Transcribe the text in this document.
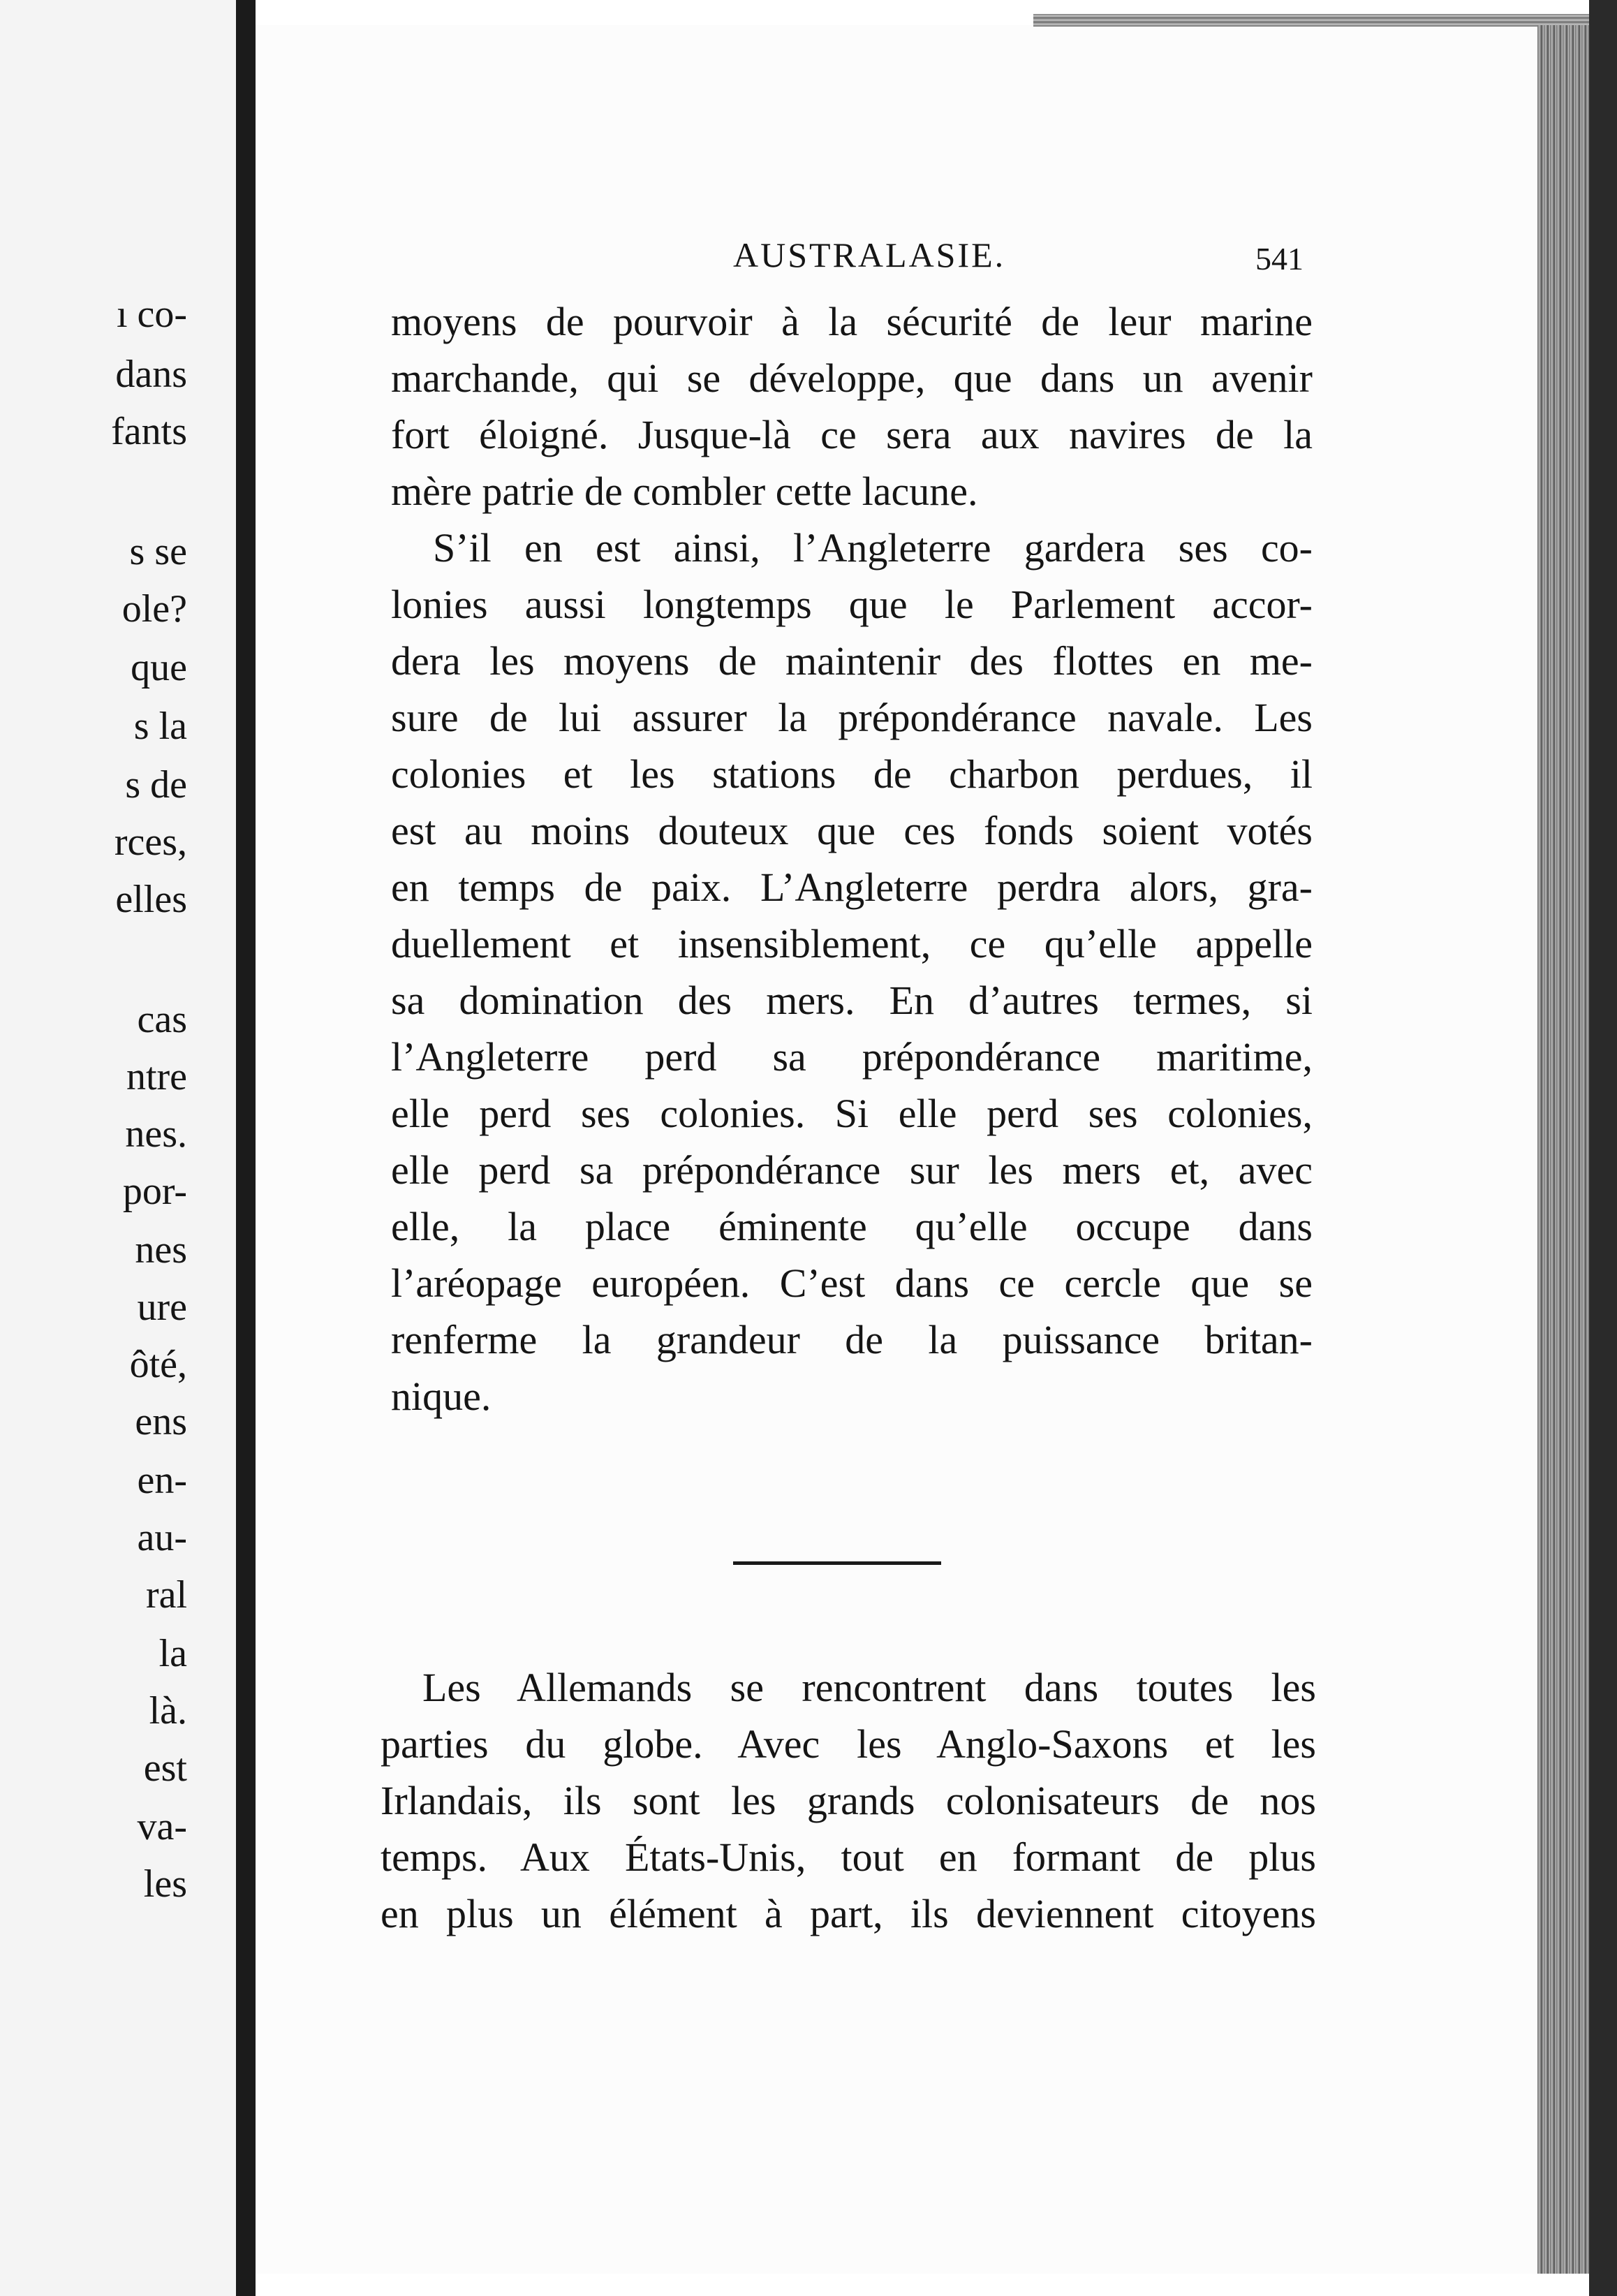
ı co-
dans
fants
s se
ole?
que
s la
s de
rces,
elles
cas
ntre
nes.
por-
nes
ure
ôté,
ens
en-
au-
ral
la
là.
est
va-
les
AUSTRALASIE.	541
moyens de pourvoir à la sécurité de leur marine
marchande, qui se développe, que dans un avenir
fort éloigné. Jusque-là ce sera aux navires de la
mère patrie de combler cette lacune.
S’il en est ainsi, l’Angleterre gardera ses co-
lonies aussi longtemps que le Parlement accor-
dera les moyens de maintenir des flottes en me-
sure de lui assurer la prépondérance navale. Les
colonies et les stations de charbon perdues, il
est au moins douteux que ces fonds soient votés
en temps de paix. L’Angleterre perdra alors, gra-
duellement et insensiblement, ce qu’elle appelle
sa domination des mers. En d’autres termes, si
l’Angleterre perd sa prépondérance maritime,
elle perd ses colonies. Si elle perd ses colonies,
elle perd sa prépondérance sur les mers et, avec
elle, la place éminente qu’elle occupe dans
l’aréopage européen. C’est dans ce cercle que se
renferme la grandeur de la puissance britan-
nique.
Les Allemands se rencontrent dans toutes les
parties du globe. Avec les Anglo-Saxons et les
Irlandais, ils sont les grands colonisateurs de nos
temps. Aux États-Unis, tout en formant de plus
en plus un élément à part, ils deviennent citoyens
